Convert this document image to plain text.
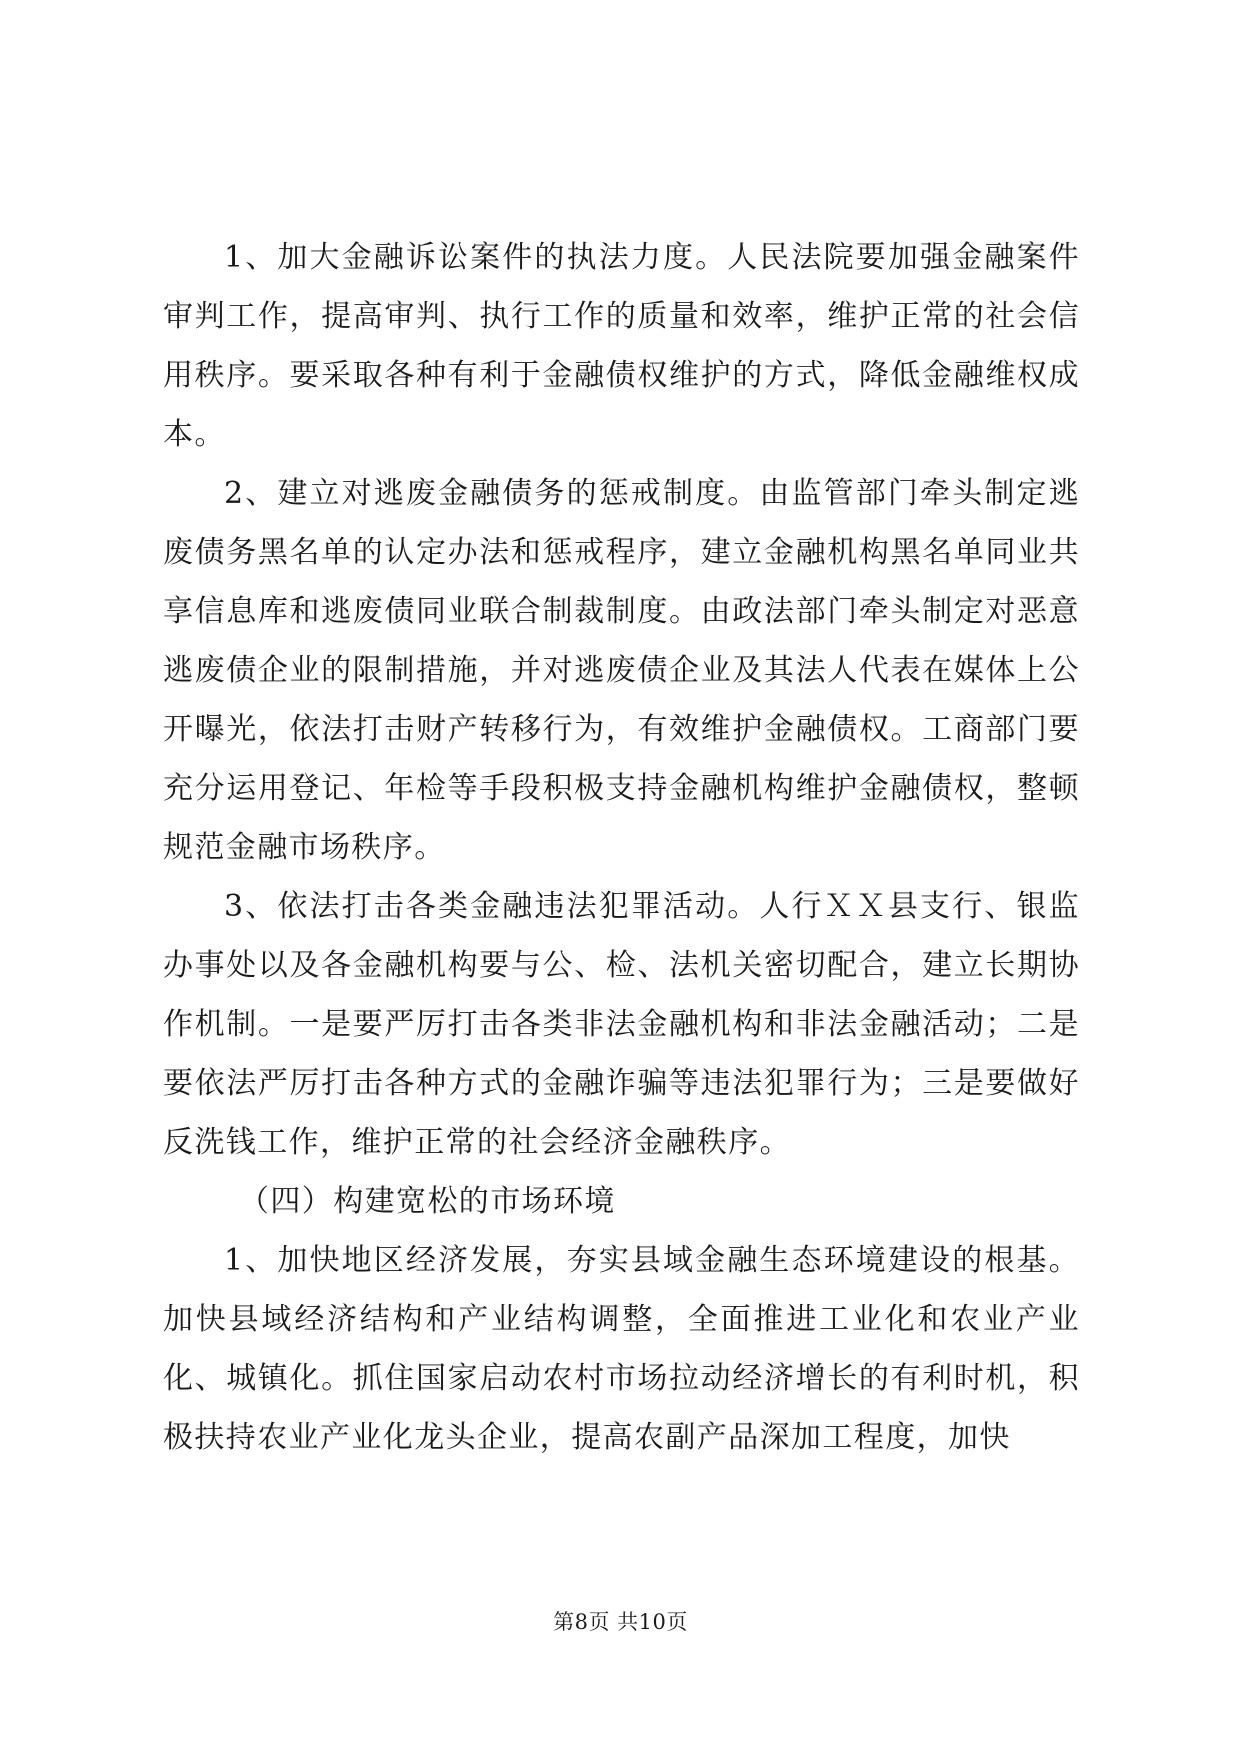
1、加大金融诉讼案件的执法力度。人民法院要加强金融案件审判工作，提高审判、执行工作的质量和效率，维护正常的社会信用秩序。要采取各种有利于金融债权维护的方式，降低金融维权成本。

2、建立对逃废金融债务的惩戒制度。由监管部门牵头制定逃废债务黑名单的认定办法和惩戒程序，建立金融机构黑名单同业共享信息库和逃废债同业联合制裁制度。由政法部门牵头制定对恶意逃废债企业的限制措施，并对逃废债企业及其法人代表在媒体上公开曝光，依法打击财产转移行为，有效维护金融债权。工商部门要充分运用登记、年检等手段积极支持金融机构维护金融债权，整顿规范金融市场秩序。

3、依法打击各类金融违法犯罪活动。人行ＸＸ县支行、银监办事处以及各金融机构要与公、检、法机关密切配合，建立长期协作机制。一是要严厉打击各类非法金融机构和非法金融活动；二是要依法严厉打击各种方式的金融诈骗等违法犯罪行为；三是要做好反洗钱工作，维护正常的社会经济金融秩序。

（四）构建宽松的市场环境

1、加快地区经济发展，夯实县域金融生态环境建设的根基。加快县域经济结构和产业结构调整，全面推进工业化和农业产业化、城镇化。抓住国家启动农村市场拉动经济增长的有利时机，积极扶持农业产业化龙头企业，提高农副产品深加工程度，加快

第8页 共10页
